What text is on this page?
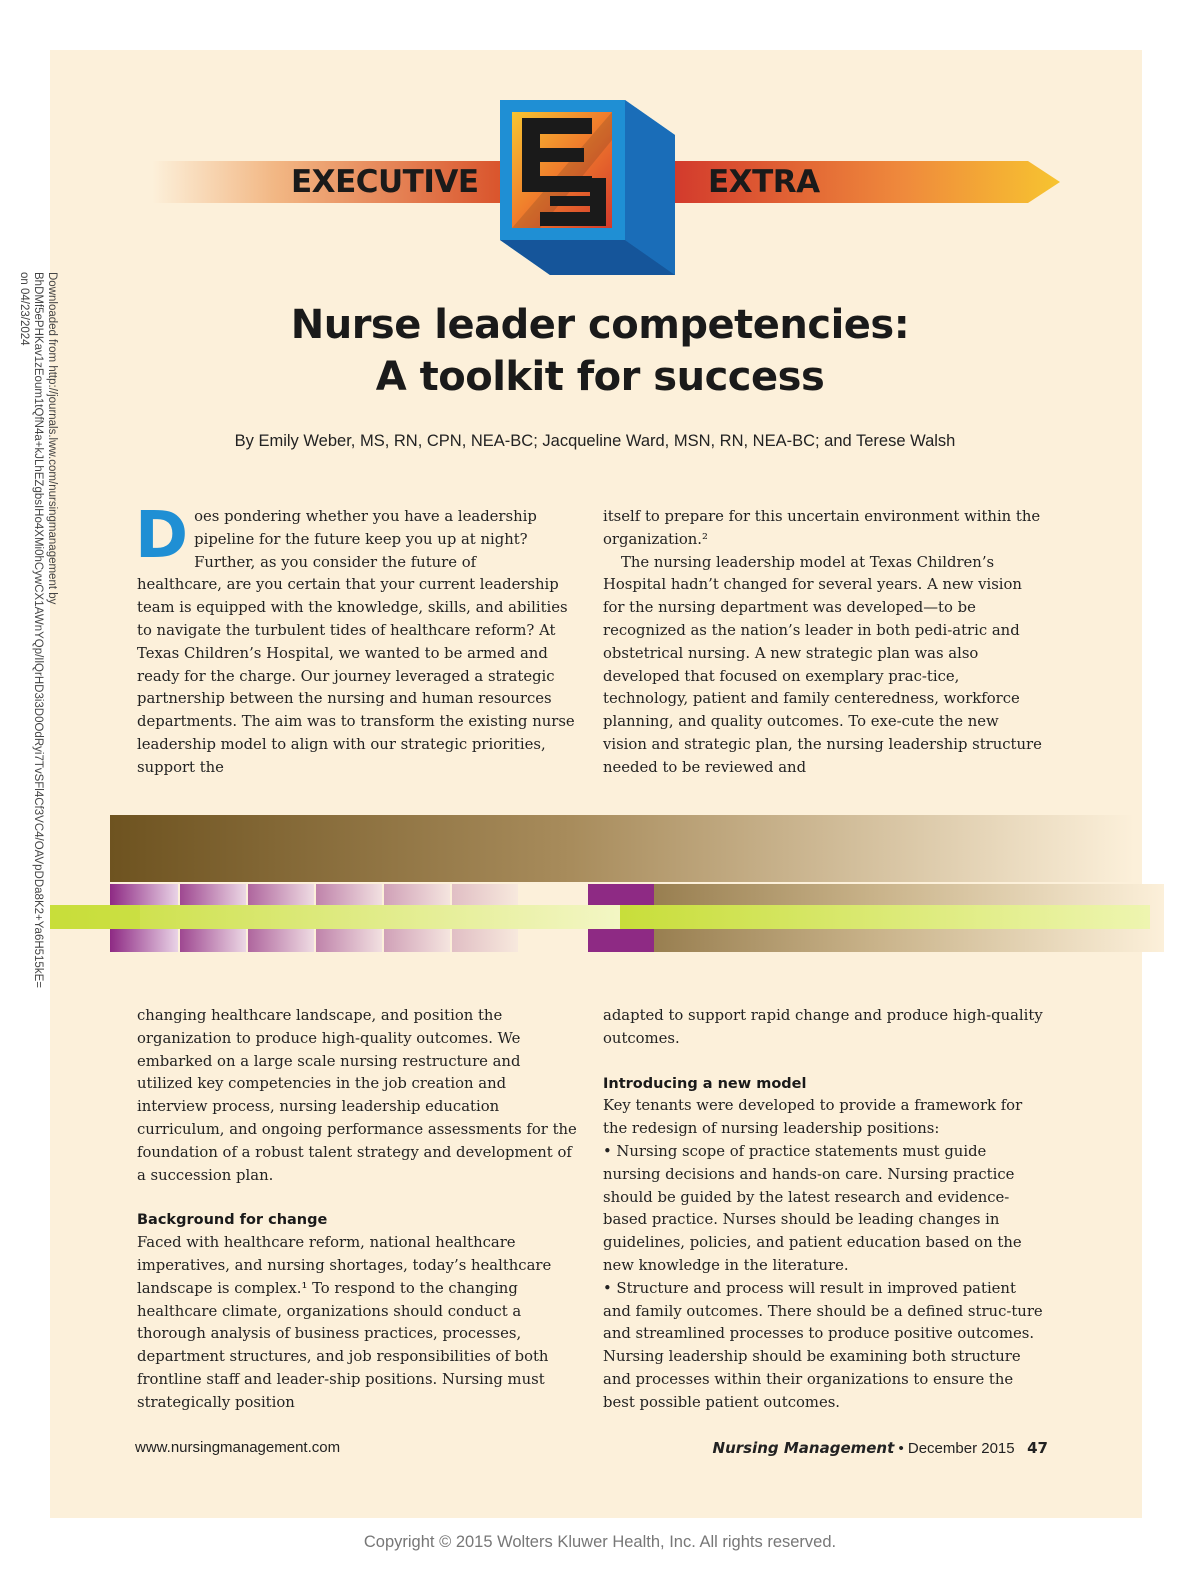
Downloaded from http://journals.lww.com/nursingmanagement by BhDMf5ePHKav1zEoum1tQfN4a+kJLhEZgbsIHo4XMi0hCywCX1AWnYQp/IlQrHD3i3D0OdRyi7TvSFl4Cf3VC4/OAVpDDa8K2+Ya6H515kE= on 04/23/2024
EXECUTIVE	EXTRA
Nurse leader competencies:
A toolkit for success
By Emily Weber, MS, RN, CPN, NEA-BC; Jacqueline Ward, MSN, RN, NEA-BC; and Terese Walsh
D oes pondering whether you have a leadership

pipeline for the future keep you up at night?

Further, as you consider the future of

healthcare, are you certain that your current leadership team is equipped with the knowledge, skills, and abilities to navigate the turbulent tides of healthcare reform? At Texas Children’s Hospital, we wanted to be armed and ready for the charge. Our journey leveraged a strategic partnership between the nursing and human resources departments. The aim was to transform the existing nurse leadership model to align with our strategic priorities, support the

itself to prepare for this uncertain environment within the organization.²

The nursing leadership model at Texas Children’s Hospital hadn’t changed for several years. A new vision for the nursing department was developed—to be recognized as the nation’s leader in both pedi-atric and obstetrical nursing. A new strategic plan was also developed that focused on exemplary prac-tice, technology, patient and family centeredness, workforce planning, and quality outcomes. To exe-cute the new vision and strategic plan, the nursing leadership structure needed to be reviewed and

changing healthcare landscape, and position the organization to produce high-quality outcomes. We embarked on a large scale nursing restructure and utilized key competencies in the job creation and interview process, nursing leadership education curriculum, and ongoing performance assessments for the foundation of a robust talent strategy and development of a succession plan.

Background for change

Faced with healthcare reform, national healthcare imperatives, and nursing shortages, today’s healthcare landscape is complex.¹ To respond to the changing healthcare climate, organizations should conduct a thorough analysis of business practices, processes, department structures, and job responsibilities of both frontline staff and leader-ship positions. Nursing must strategically position

adapted to support rapid change and produce high-quality outcomes.

Introducing a new model

Key tenants were developed to provide a framework for the redesign of nursing leadership positions:

• Nursing scope of practice statements must guide nursing decisions and hands-on care. Nursing practice should be guided by the latest research and evidence-based practice. Nurses should be leading changes in guidelines, policies, and patient education based on the new knowledge in the literature.

• Structure and process will result in improved patient and family outcomes. There should be a defined struc-ture and streamlined processes to produce positive outcomes. Nursing leadership should be examining both structure and processes within their organizations to ensure the best possible patient outcomes.

www.nursingmanagement.com	Nursing Management • December 2015 47
Copyright © 2015 Wolters Kluwer Health, Inc. All rights reserved.
